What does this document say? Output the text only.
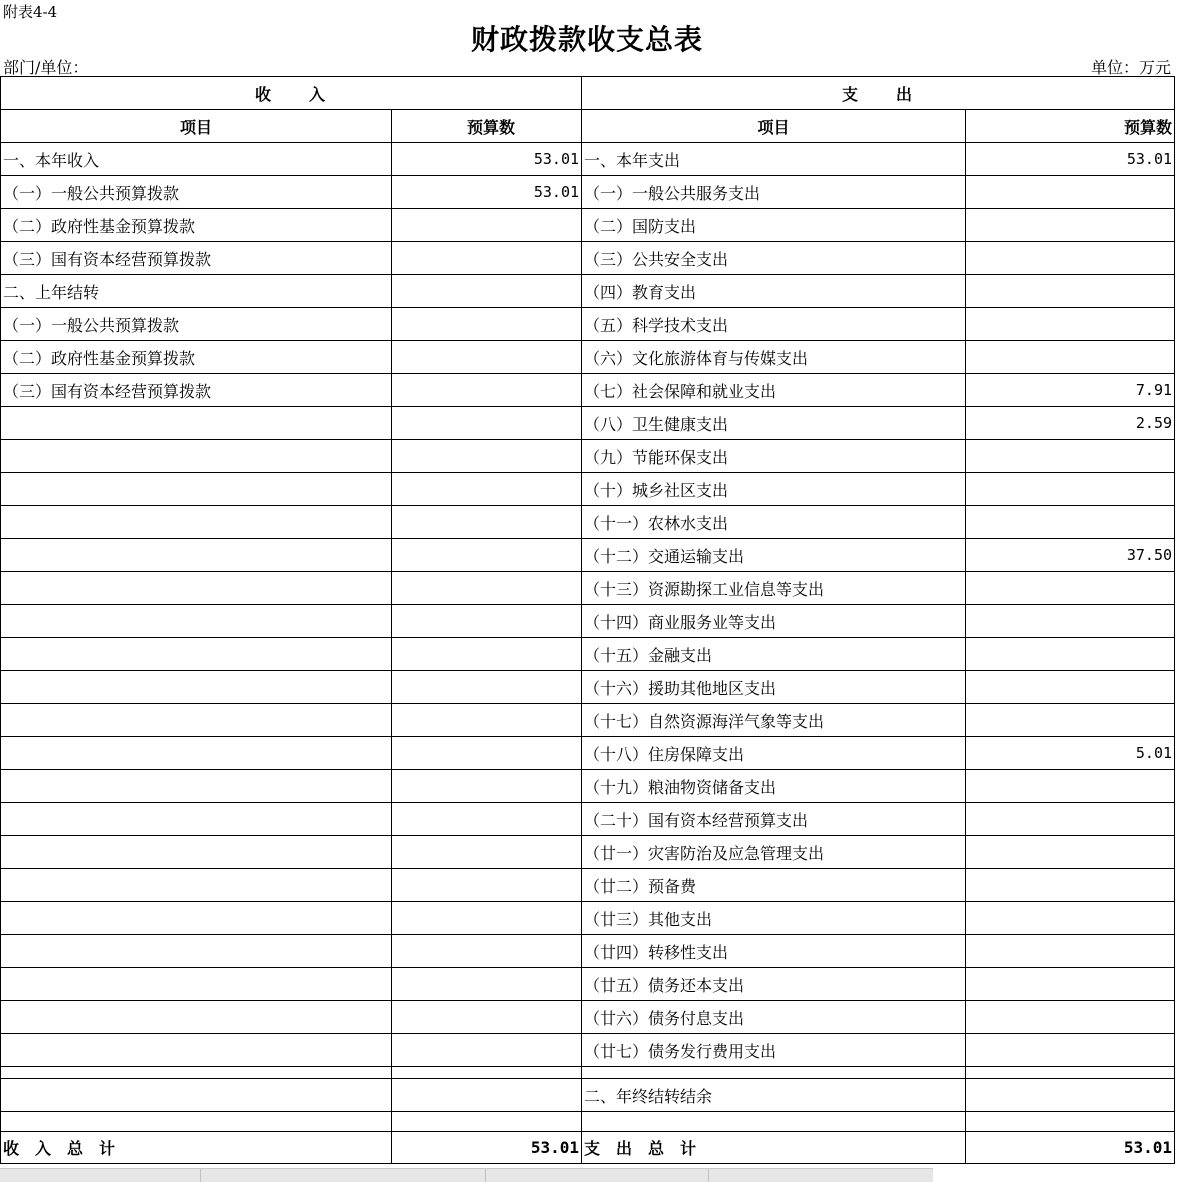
附表4-4
财政拨款收支总表
部门/单位：	单位：万元
收　　入		支　　出	
项目	预算数	项目	预算数
一、本年收入	53.01	一、本年支出	53.01
（一）一般公共预算拨款	53.01	（一）一般公共服务支出	
（二）政府性基金预算拨款		（二）国防支出	
（三）国有资本经营预算拨款		（三）公共安全支出	
二、上年结转		（四）教育支出	
（一）一般公共预算拨款		（五）科学技术支出	
（二）政府性基金预算拨款		（六）文化旅游体育与传媒支出	
（三）国有资本经营预算拨款		（七）社会保障和就业支出	7.91
		（八）卫生健康支出	2.59
		（九）节能环保支出	
		（十）城乡社区支出	
		（十一）农林水支出	
		（十二）交通运输支出	37.50
		（十三）资源勘探工业信息等支出	
		（十四）商业服务业等支出	
		（十五）金融支出	
		（十六）援助其他地区支出	
		（十七）自然资源海洋气象等支出	
		（十八）住房保障支出	5.01
		（十九）粮油物资储备支出	
		（二十）国有资本经营预算支出	
		（廿一）灾害防治及应急管理支出	
		（廿二）预备费	
		（廿三）其他支出	
		（廿四）转移性支出	
		（廿五）债务还本支出	
		（廿六）债务付息支出	
		（廿七）债务发行费用支出	

		二、年终结转结余	

收　入　总　计	53.01	支　出　总　计	53.01
